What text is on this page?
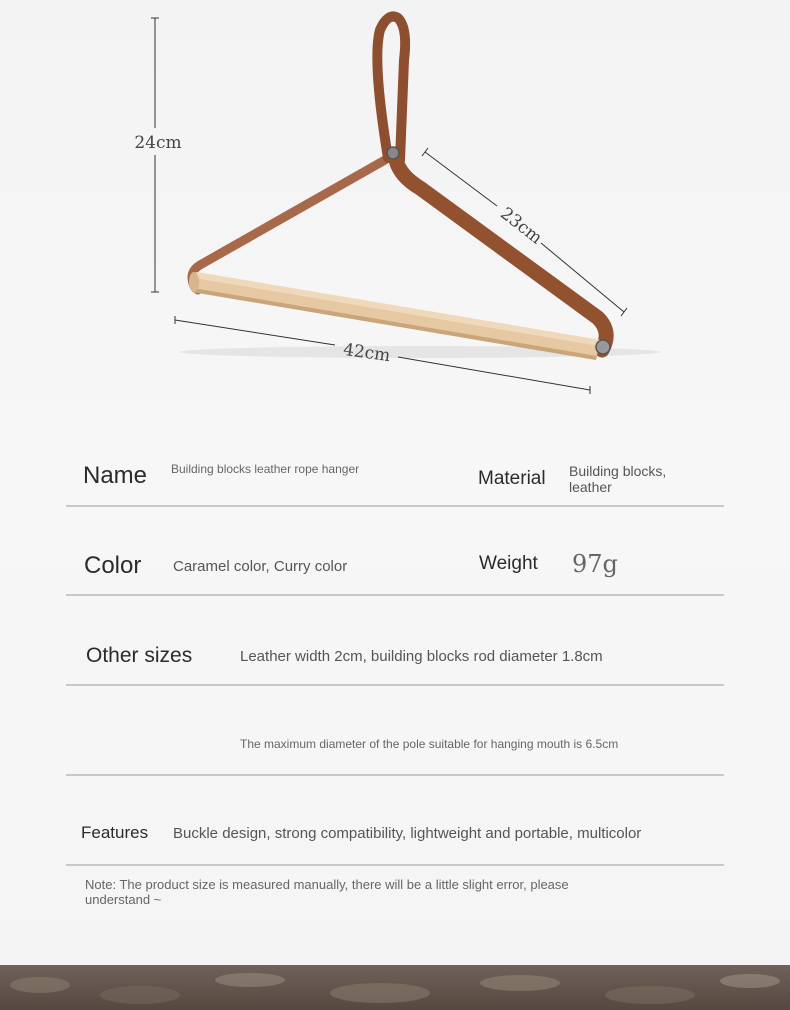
24cm
23cm
42cm
Name Building blocks leather rope hanger	Material Building blocks, leather
Color Caramel color, Curry color	Weight 97g
Other sizes	Leather width 2cm, building blocks rod diameter 1.8cm
The maximum diameter of the pole suitable for hanging mouth is 6.5cm
Features Buckle design, strong compatibility, lightweight and portable, multicolor
Note: The product size is measured manually, there will be a little slight error, please understand ~
